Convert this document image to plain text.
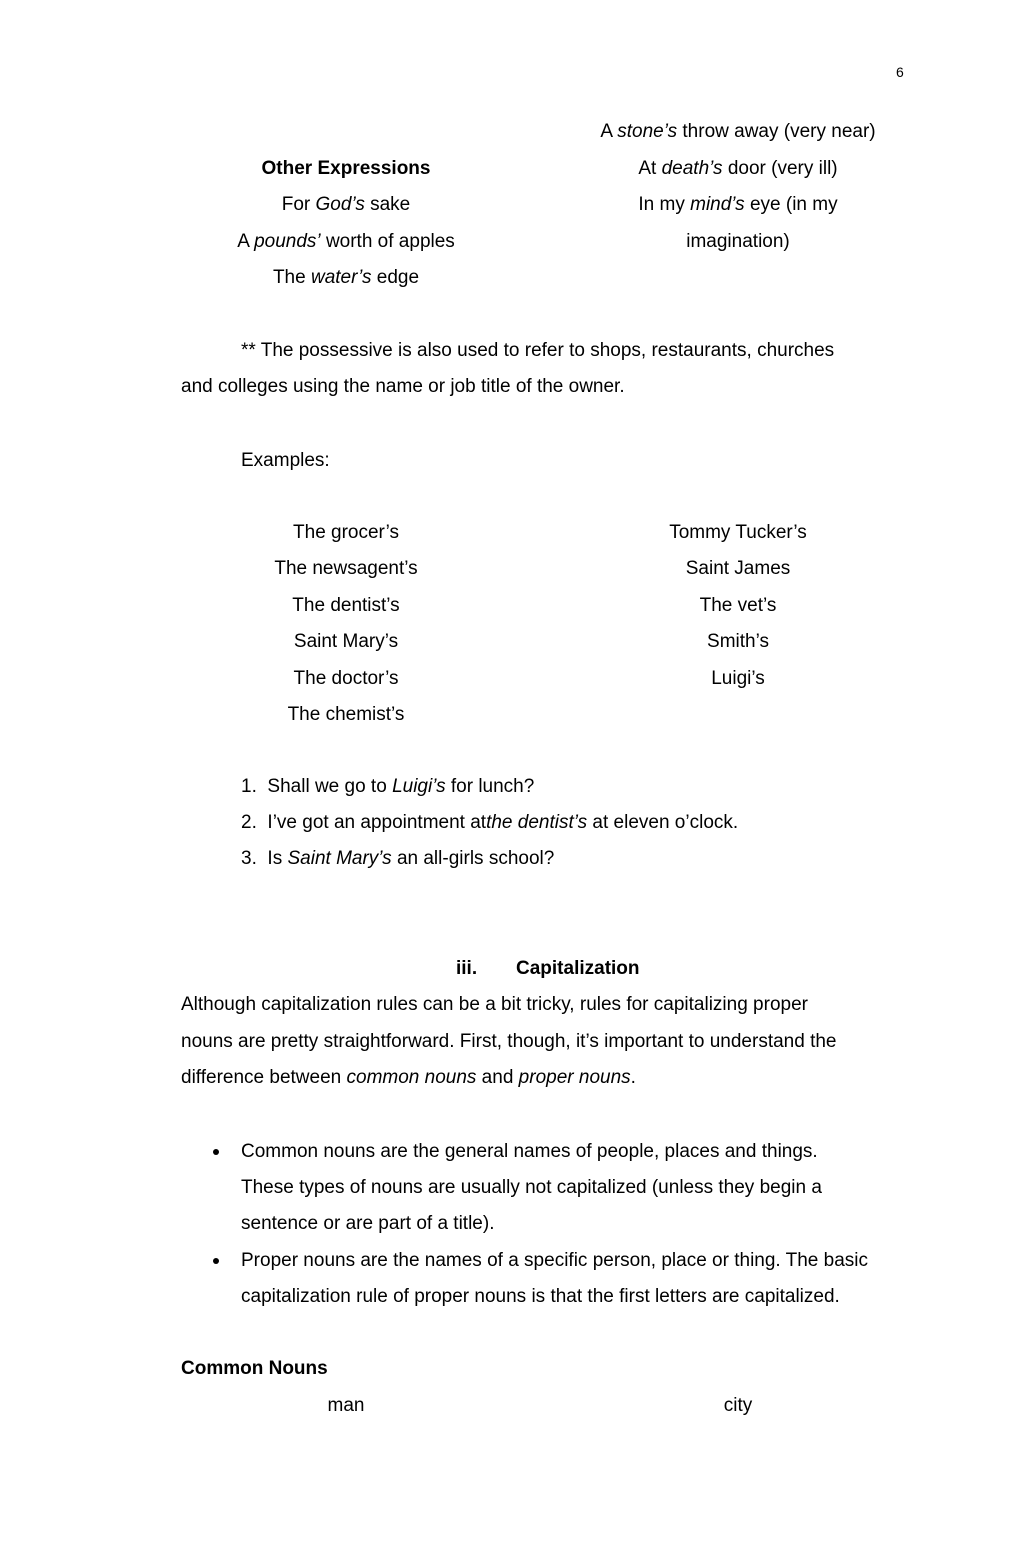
6
Other Expressions
For God’s sake
A pounds’ worth of apples
The water’s edge
A stone’s throw away (very near)
At death’s door (very ill)
In my mind’s eye (in my
imagination)
** The possessive is also used to refer to shops, restaurants, churches
and colleges using the name or job title of the owner.
Examples:
The grocer’s
The newsagent’s
The dentist’s
Saint Mary’s
The doctor’s
The chemist’s
Tommy Tucker’s
Saint James
The vet’s
Smith’s
Luigi’s
1. Shall we go to Luigi’s for lunch?
2. I’ve got an appointment atthe dentist’s at eleven o’clock.
3. Is Saint Mary’s an all-girls school?
iii. Capitalization
Although capitalization rules can be a bit tricky, rules for capitalizing proper
nouns are pretty straightforward. First, though, it’s important to understand the
difference between common nouns and proper nouns.
Common nouns are the general names of people, places and things.
These types of nouns are usually not capitalized (unless they begin a
sentence or are part of a title).
Proper nouns are the names of a specific person, place or thing. The basic
capitalization rule of proper nouns is that the first letters are capitalized.
Common Nouns
man	city
